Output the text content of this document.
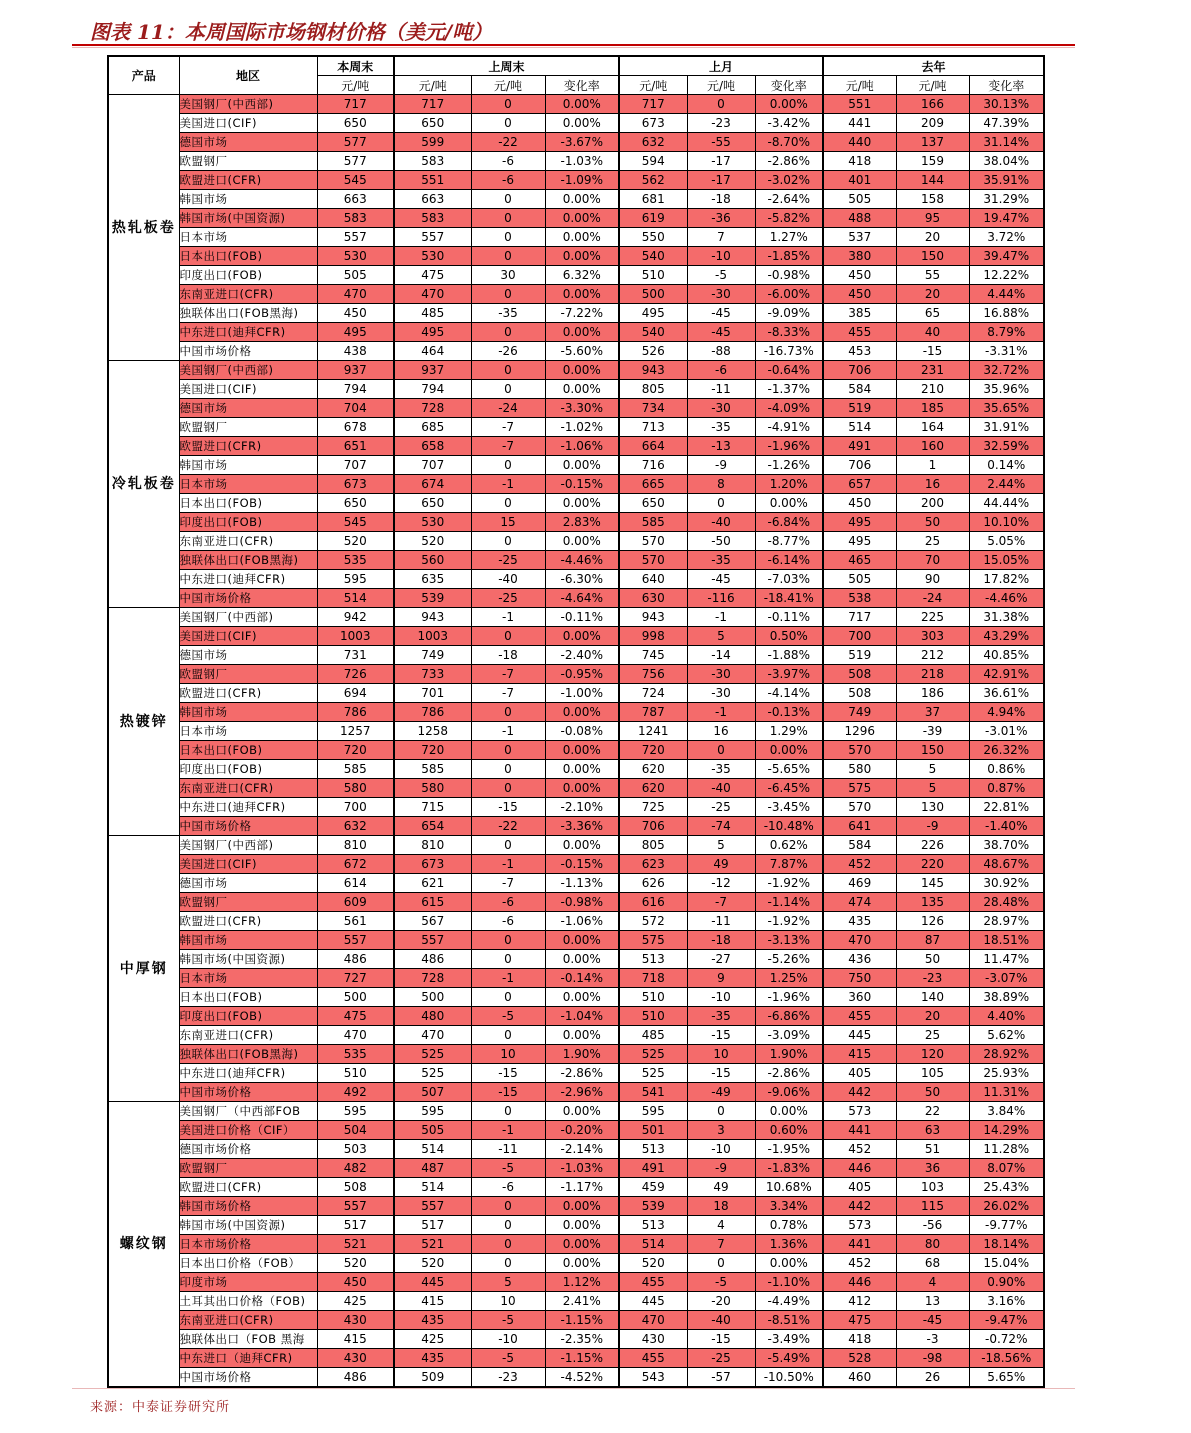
图表 11：本周国际市场钢材价格（美元/吨）
产品	地区	本周末	上周末			上月			去年		
		元/吨	元/吨	元/吨	变化率	元/吨	元/吨	变化率	元/吨	元/吨	变化率
热轧板卷	美国钢厂(中西部)	717	717	0	0.00%	717	0	0.00%	551	166	30.13%
	美国进口(CIF)	650	650	0	0.00%	673	-23	-3.42%	441	209	47.39%
	德国市场	577	599	-22	-3.67%	632	-55	-8.70%	440	137	31.14%
	欧盟钢厂	577	583	-6	-1.03%	594	-17	-2.86%	418	159	38.04%
	欧盟进口(CFR)	545	551	-6	-1.09%	562	-17	-3.02%	401	144	35.91%
	韩国市场	663	663	0	0.00%	681	-18	-2.64%	505	158	31.29%
	韩国市场(中国资源)	583	583	0	0.00%	619	-36	-5.82%	488	95	19.47%
	日本市场	557	557	0	0.00%	550	7	1.27%	537	20	3.72%
	日本出口(FOB)	530	530	0	0.00%	540	-10	-1.85%	380	150	39.47%
	印度出口(FOB)	505	475	30	6.32%	510	-5	-0.98%	450	55	12.22%
	东南亚进口(CFR)	470	470	0	0.00%	500	-30	-6.00%	450	20	4.44%
	独联体出口(FOB黑海)	450	485	-35	-7.22%	495	-45	-9.09%	385	65	16.88%
	中东进口(迪拜CFR)	495	495	0	0.00%	540	-45	-8.33%	455	40	8.79%
	中国市场价格	438	464	-26	-5.60%	526	-88	-16.73%	453	-15	-3.31%
冷轧板卷	美国钢厂(中西部)	937	937	0	0.00%	943	-6	-0.64%	706	231	32.72%
	美国进口(CIF)	794	794	0	0.00%	805	-11	-1.37%	584	210	35.96%
	德国市场	704	728	-24	-3.30%	734	-30	-4.09%	519	185	35.65%
	欧盟钢厂	678	685	-7	-1.02%	713	-35	-4.91%	514	164	31.91%
	欧盟进口(CFR)	651	658	-7	-1.06%	664	-13	-1.96%	491	160	32.59%
	韩国市场	707	707	0	0.00%	716	-9	-1.26%	706	1	0.14%
	日本市场	673	674	-1	-0.15%	665	8	1.20%	657	16	2.44%
	日本出口(FOB)	650	650	0	0.00%	650	0	0.00%	450	200	44.44%
	印度出口(FOB)	545	530	15	2.83%	585	-40	-6.84%	495	50	10.10%
	东南亚进口(CFR)	520	520	0	0.00%	570	-50	-8.77%	495	25	5.05%
	独联体出口(FOB黑海)	535	560	-25	-4.46%	570	-35	-6.14%	465	70	15.05%
	中东进口(迪拜CFR)	595	635	-40	-6.30%	640	-45	-7.03%	505	90	17.82%
	中国市场价格	514	539	-25	-4.64%	630	-116	-18.41%	538	-24	-4.46%
热镀锌	美国钢厂(中西部)	942	943	-1	-0.11%	943	-1	-0.11%	717	225	31.38%
	美国进口(CIF)	1003	1003	0	0.00%	998	5	0.50%	700	303	43.29%
	德国市场	731	749	-18	-2.40%	745	-14	-1.88%	519	212	40.85%
	欧盟钢厂	726	733	-7	-0.95%	756	-30	-3.97%	508	218	42.91%
	欧盟进口(CFR)	694	701	-7	-1.00%	724	-30	-4.14%	508	186	36.61%
	韩国市场	786	786	0	0.00%	787	-1	-0.13%	749	37	4.94%
	日本市场	1257	1258	-1	-0.08%	1241	16	1.29%	1296	-39	-3.01%
	日本出口(FOB)	720	720	0	0.00%	720	0	0.00%	570	150	26.32%
	印度出口(FOB)	585	585	0	0.00%	620	-35	-5.65%	580	5	0.86%
	东南亚进口(CFR)	580	580	0	0.00%	620	-40	-6.45%	575	5	0.87%
	中东进口(迪拜CFR)	700	715	-15	-2.10%	725	-25	-3.45%	570	130	22.81%
	中国市场价格	632	654	-22	-3.36%	706	-74	-10.48%	641	-9	-1.40%
中厚钢	美国钢厂(中西部)	810	810	0	0.00%	805	5	0.62%	584	226	38.70%
	美国进口(CIF)	672	673	-1	-0.15%	623	49	7.87%	452	220	48.67%
	德国市场	614	621	-7	-1.13%	626	-12	-1.92%	469	145	30.92%
	欧盟钢厂	609	615	-6	-0.98%	616	-7	-1.14%	474	135	28.48%
	欧盟进口(CFR)	561	567	-6	-1.06%	572	-11	-1.92%	435	126	28.97%
	韩国市场	557	557	0	0.00%	575	-18	-3.13%	470	87	18.51%
	韩国市场(中国资源)	486	486	0	0.00%	513	-27	-5.26%	436	50	11.47%
	日本市场	727	728	-1	-0.14%	718	9	1.25%	750	-23	-3.07%
	日本出口(FOB)	500	500	0	0.00%	510	-10	-1.96%	360	140	38.89%
	印度出口(FOB)	475	480	-5	-1.04%	510	-35	-6.86%	455	20	4.40%
	东南亚进口(CFR)	470	470	0	0.00%	485	-15	-3.09%	445	25	5.62%
	独联体出口(FOB黑海)	535	525	10	1.90%	525	10	1.90%	415	120	28.92%
	中东进口(迪拜CFR)	510	525	-15	-2.86%	525	-15	-2.86%	405	105	25.93%
	中国市场价格	492	507	-15	-2.96%	541	-49	-9.06%	442	50	11.31%
螺纹钢	美国钢厂（中西部FOB	595	595	0	0.00%	595	0	0.00%	573	22	3.84%
	美国进口价格（CIF）	504	505	-1	-0.20%	501	3	0.60%	441	63	14.29%
	德国市场价格	503	514	-11	-2.14%	513	-10	-1.95%	452	51	11.28%
	欧盟钢厂	482	487	-5	-1.03%	491	-9	-1.83%	446	36	8.07%
	欧盟进口(CFR)	508	514	-6	-1.17%	459	49	10.68%	405	103	25.43%
	韩国市场价格	557	557	0	0.00%	539	18	3.34%	442	115	26.02%
	韩国市场(中国资源)	517	517	0	0.00%	513	4	0.78%	573	-56	-9.77%
	日本市场价格	521	521	0	0.00%	514	7	1.36%	441	80	18.14%
	日本出口价格（FOB）	520	520	0	0.00%	520	0	0.00%	452	68	15.04%
	印度市场	450	445	5	1.12%	455	-5	-1.10%	446	4	0.90%
	土耳其出口价格（FOB)	425	415	10	2.41%	445	-20	-4.49%	412	13	3.16%
	东南亚进口(CFR)	430	435	-5	-1.15%	470	-40	-8.51%	475	-45	-9.47%
	独联体出口（FOB 黑海	415	425	-10	-2.35%	430	-15	-3.49%	418	-3	-0.72%
	中东进口（迪拜CFR)	430	435	-5	-1.15%	455	-25	-5.49%	528	-98	-18.56%
	中国市场价格	486	509	-23	-4.52%	543	-57	-10.50%	460	26	5.65%
来源：中泰证券研究所
